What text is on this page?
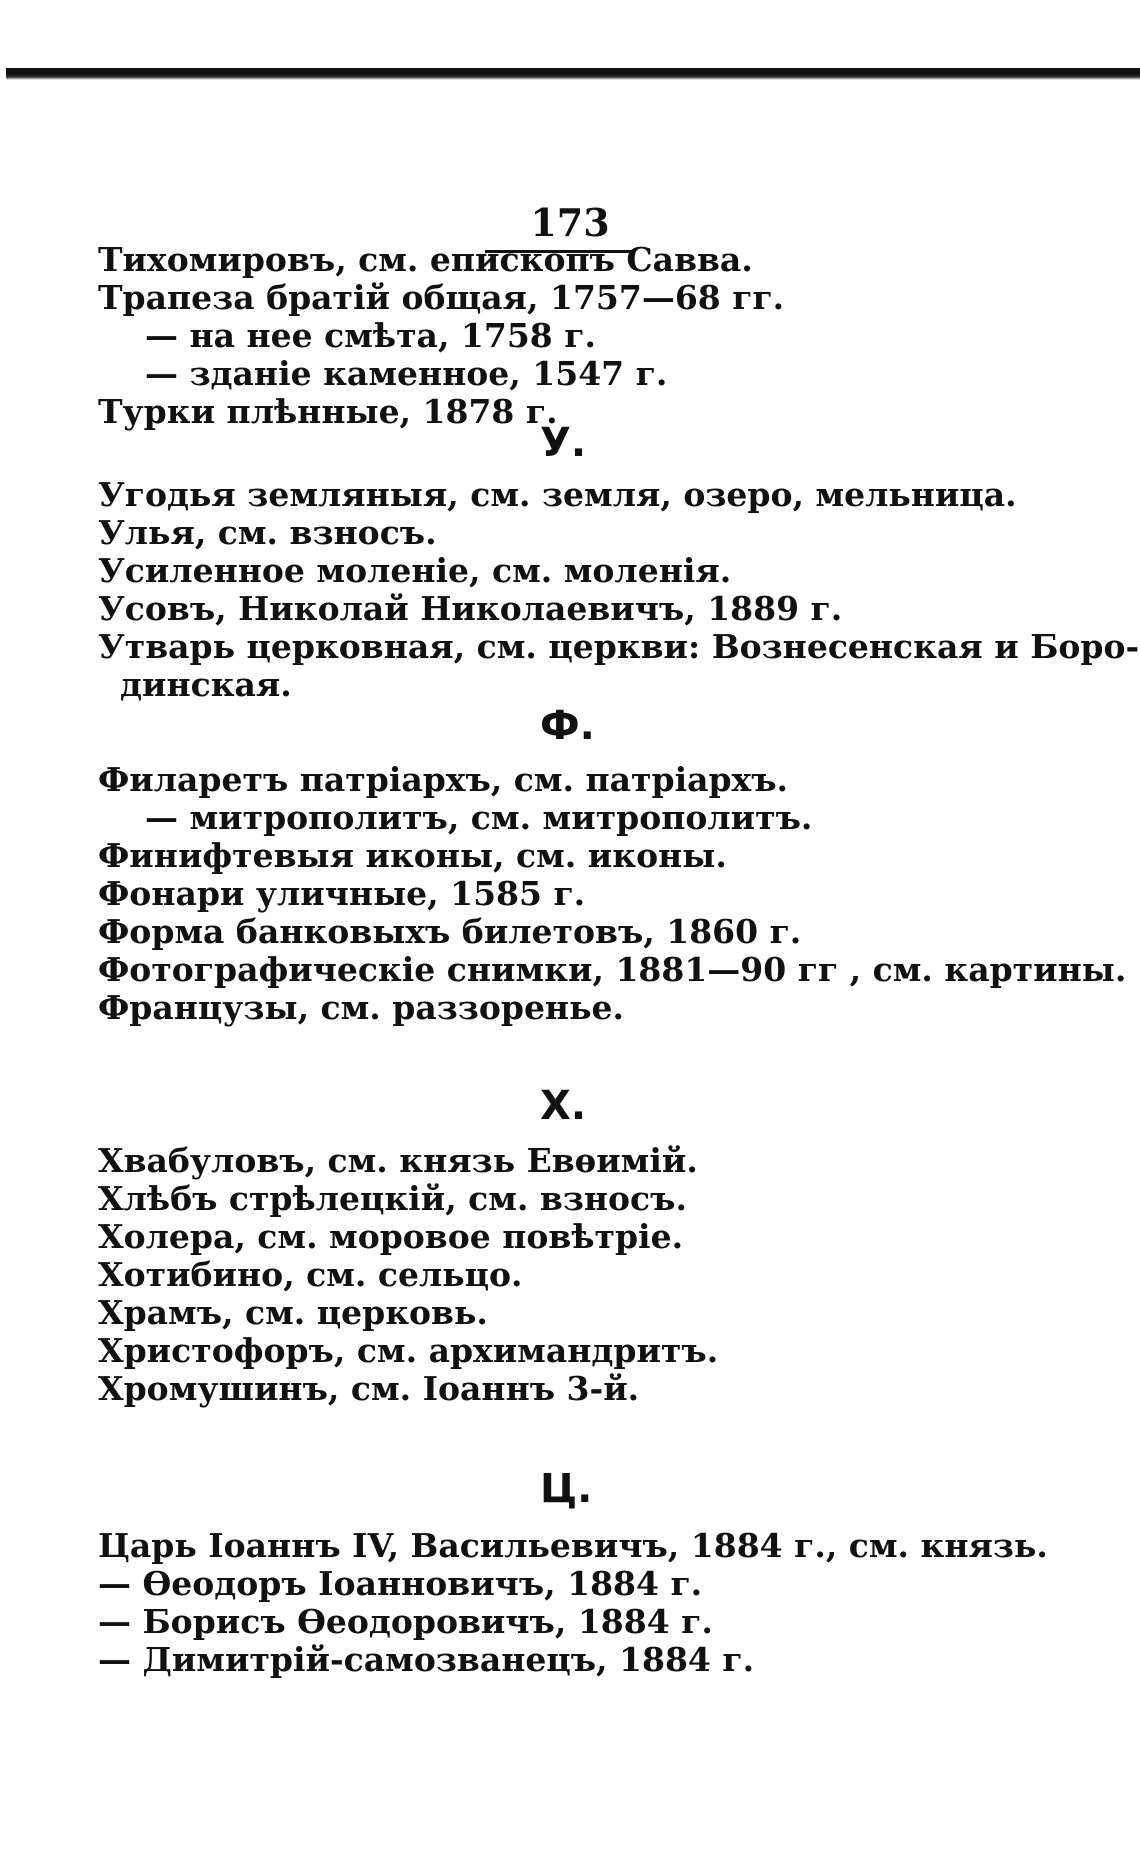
173
Тихомировъ, см. епископъ Савва.
Трапеза братій общая, 1757—68 гг.
— на нее смѣта, 1758 г.
— зданіе каменное, 1547 г.
Турки плѣнные, 1878 г.
У.
Угодья земляныя, см. земля, озеро, мельница.
Улья, см. взносъ.
Усиленное моленіе, см. моленія.
Усовъ, Николай Николаевичъ, 1889 г.
Утварь церковная, см. церкви: Вознесенская и Боро-
динская.
Ф.
Филаретъ патріархъ, см. патріархъ.
— митрополитъ, см. митрополитъ.
Финифтевыя иконы, см. иконы.
Фонари уличные, 1585 г.
Форма банковыхъ билетовъ, 1860 г.
Фотографическіе снимки, 1881—90 гг , см. картины.
Французы, см. раззоренье.
Х.
Хвабуловъ, см. князь Евѳимій.
Хлѣбъ стрѣлецкій, см. взносъ.
Холера, см. моровое повѣтріе.
Хотибино, см. сельцо.
Храмъ, см. церковь.
Христофоръ, см. архимандритъ.
Хромушинъ, см. Іоаннъ 3-й.
Ц.
Царь Іоаннъ IV, Васильевичъ, 1884 г., см. князь.
— Ѳеодоръ Іоанновичъ, 1884 г.
— Борисъ Ѳеодоровичъ, 1884 г.
— Димитрій-самозванецъ, 1884 г.
